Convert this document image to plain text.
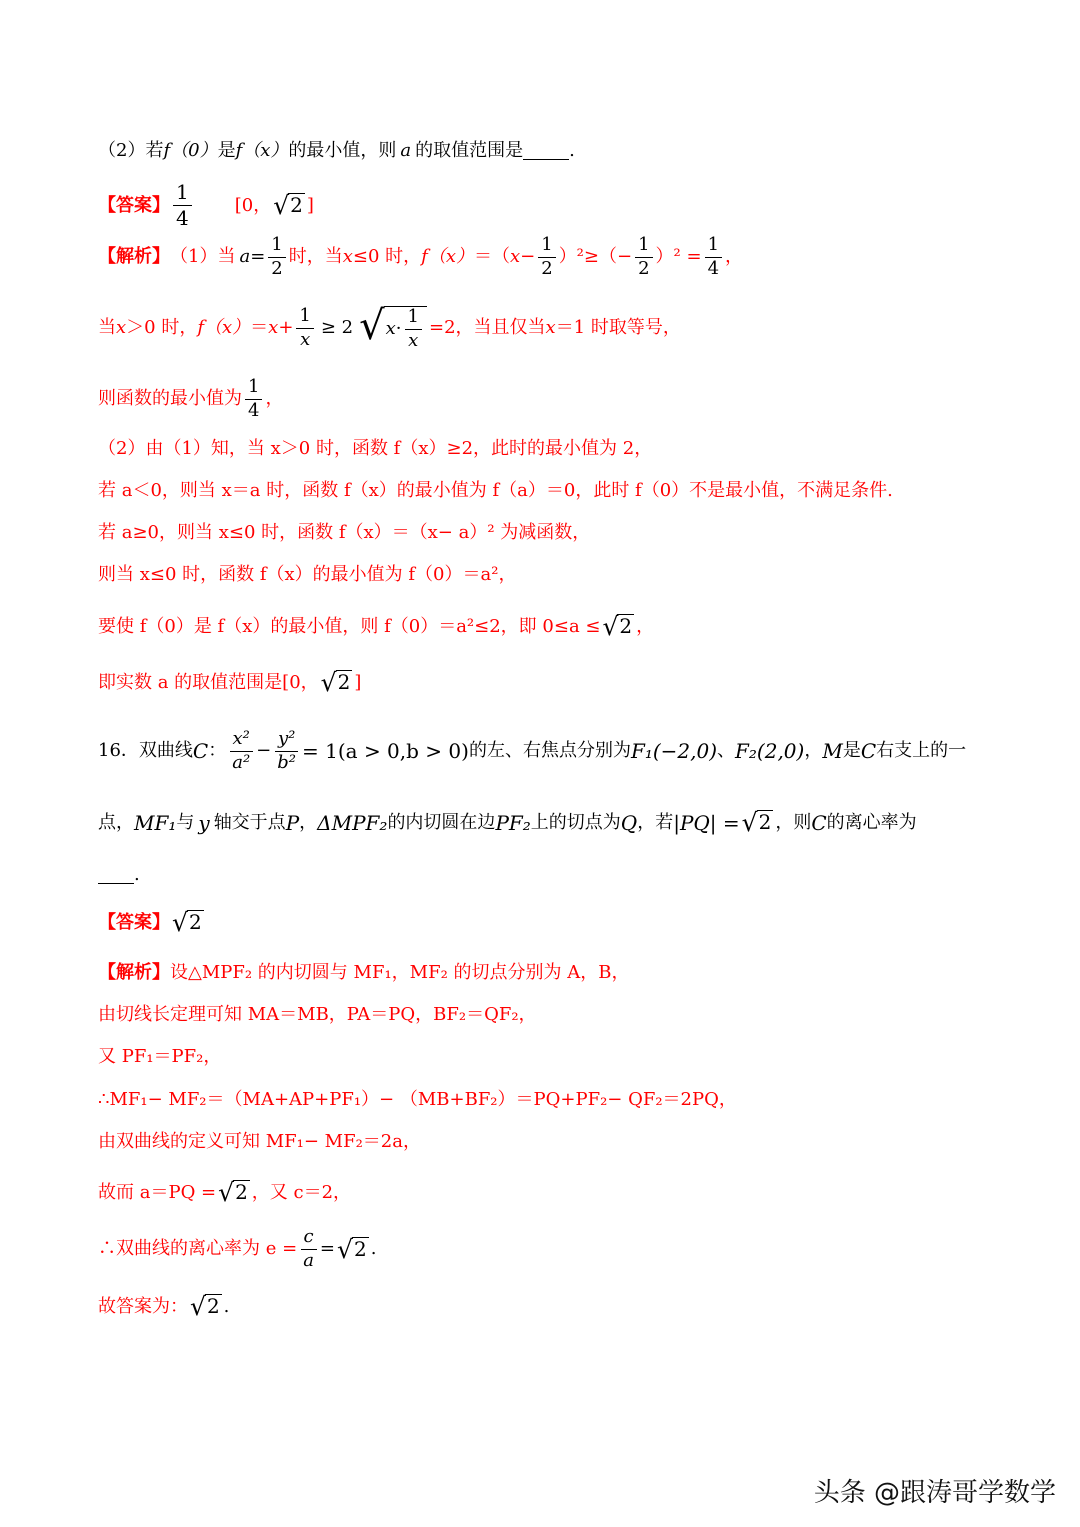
（2）若 f（0） 是 f（x） 的最小值，则 a 的取值范围是	.
【答案】 $\frac{1}{4} [0$， √ 2 ]
【解析】 （1）当 $a = \frac{1}{2}$ 时，当 x ≤0 时， f（x） ＝（ $x - \frac{1}{2} )^2\ge( - \frac{1}{2} )^2 = \frac{1}{4}$ ，
当 x ＞0 时， $f(x) = x + \frac{1}{x} \ge 2$ √ $x \cdot \frac{1}{x} =2$，当且仅当 x ＝1 时取等号，
则函数的最小值为 $\frac{1}{4}$ ，
（2）由（1）知，当 x＞0 时，函数 f（x）≥2，此时的最小值为 2，
若 a＜0，则当 x＝a 时，函数 f（x）的最小值为 f（a）＝0，此时 f（0）不是最小值，不满足条件.
若 a≥0，则当 x≤0 时，函数 f（x）＝（x− a）² 为减函数，
则当 x≤0 时，函数 f（x）的最小值为 f（0）＝a²，
要使 f（0）是 f（x）的最小值，则 f（0）＝a²≤2，即 0≤a ≤ √ 2 ，
即实数 a 的取值范围是[0， √ 2 ]
16．双曲线 C ： $\frac{\text{x²}}{\text{a²}} - \frac{\text{y²}}{\text{b²}} = 1(a > 0,b > 0)$ 的左、右焦点分别为 F₁(−2,0) 、 F₂(2,0) ， M 是 C 右支上的一
点， MF₁ 与 y 轴交于点 P ， ΔMPF₂ 的内切圆在边 PF₂ 上的切点为 Q ，若 |PQ| = √ 2 ，则 C 的离心率为
.
【答案】 √ 2
【解析】 设△MPF₂ 的内切圆与 MF₁，MF₂ 的切点分别为 A，B，
由切线长定理可知 MA＝MB，PA＝PQ，BF₂＝QF₂，
又 PF₁＝PF₂，
∴MF₁− MF₂＝（MA+AP+PF₁）− （MB+BF₂）＝PQ+PF₂− QF₂＝2PQ，
由双曲线的定义可知 MF₁− MF₂＝2a，
故而 a＝PQ = √ 2 ，又 c＝2，
∴双曲线的离心率为 $e = \frac{c}{a}$ = √ 2 .
故答案为： √ 2 .
头条 @跟涛哥学数学
